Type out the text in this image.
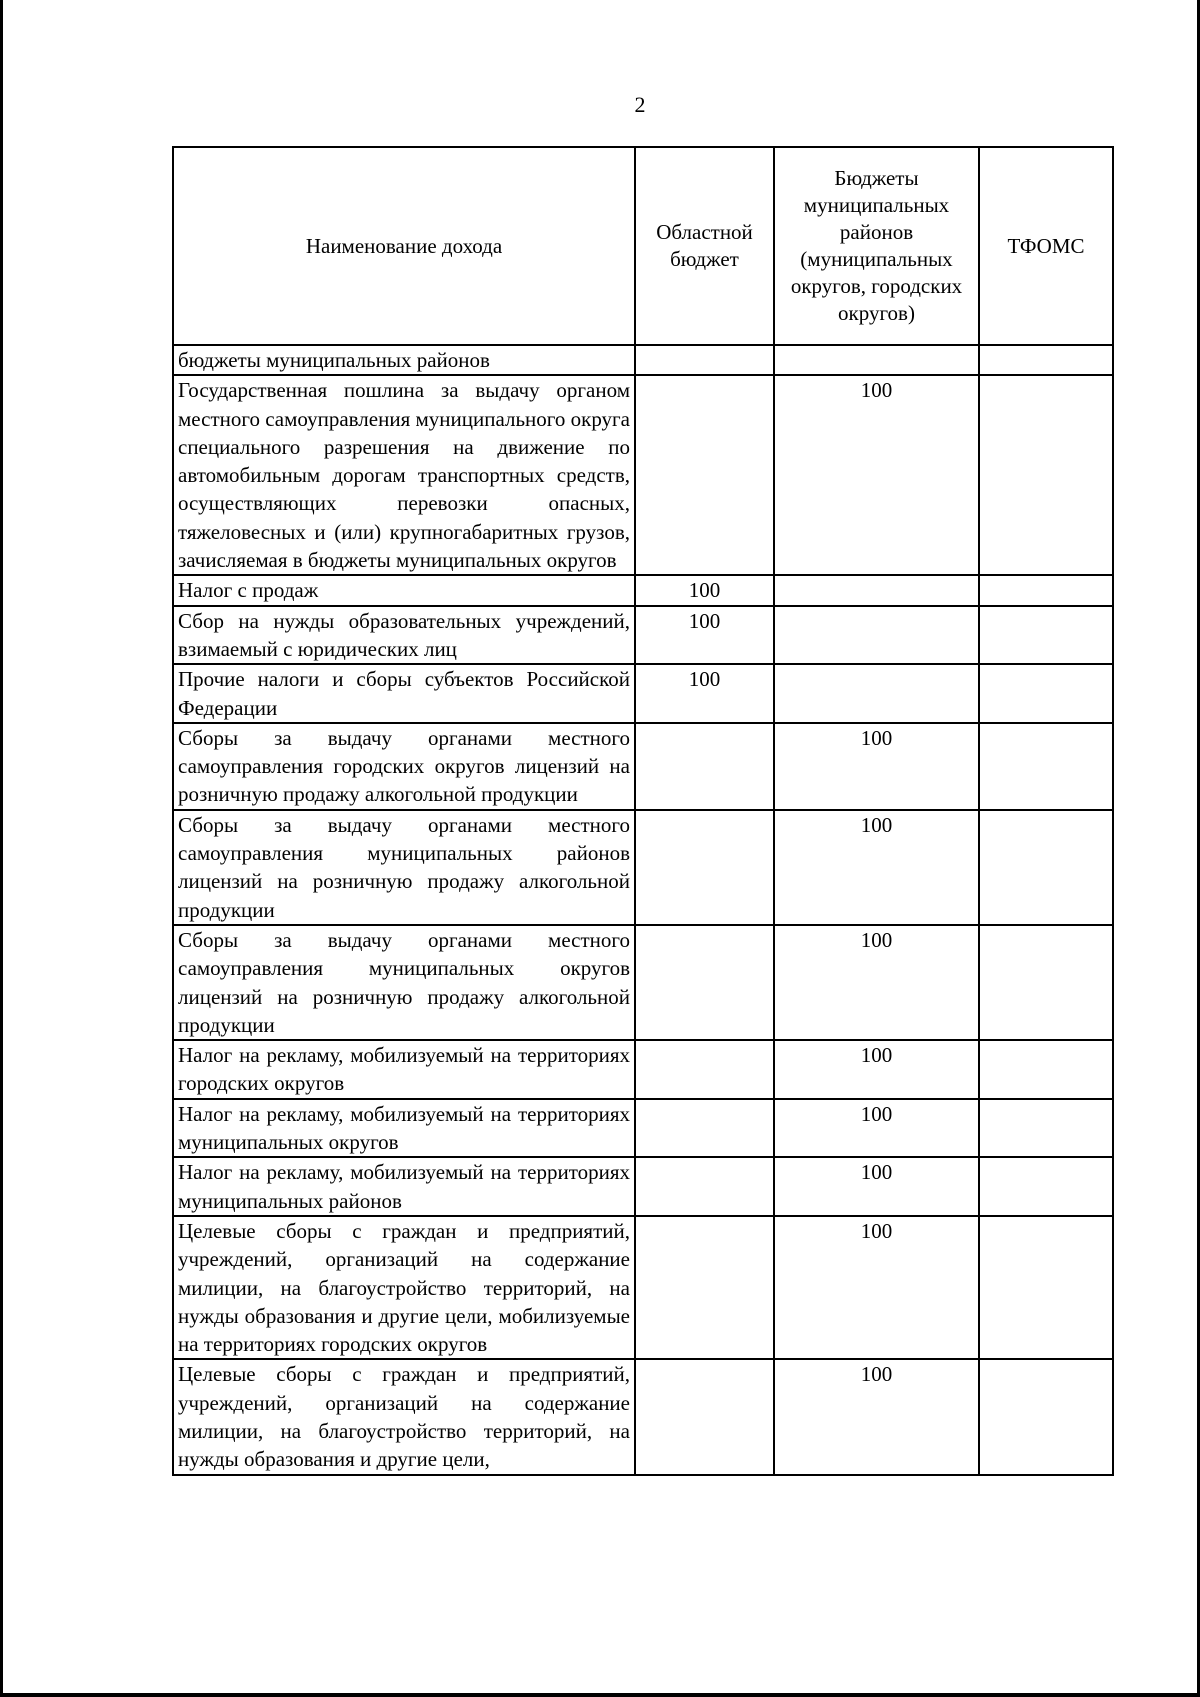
2
Наименование дохода	Областной бюджет	Бюджеты муниципальных районов (муниципальных округов, городских округов)	ТФОМС
бюджеты муниципальных районов			
Государственная пошлина за выдачу органом местного самоуправления муниципального округа специального разрешения на движение по автомобильным дорогам транспортных средств, осуществляющих перевозки опасных, тяжеловесных и (или) крупногабаритных грузов, зачисляемая в бюджеты муниципальных округов		100	
Налог с продаж	100		
Сбор на нужды образовательных учреждений, взимаемый с юридических лиц	100		
Прочие налоги и сборы субъектов Российской Федерации	100		
Сборы за выдачу органами местного самоуправления городских округов лицензий на розничную продажу алкогольной продукции		100	
Сборы за выдачу органами местного самоуправления муниципальных районов лицензий на розничную продажу алкогольной продукции		100	
Сборы за выдачу органами местного самоуправления муниципальных округов лицензий на розничную продажу алкогольной продукции		100	
Налог на рекламу, мобилизуемый на территориях городских округов		100	
Налог на рекламу, мобилизуемый на территориях муниципальных округов		100	
Налог на рекламу, мобилизуемый на территориях муниципальных районов		100	
Целевые сборы с граждан и предприятий, учреждений, организаций на содержание милиции, на благоустройство территорий, на нужды образования и другие цели, мобилизуемые на территориях городских округов		100	
Целевые сборы с граждан и предприятий, учреждений, организаций на содержание милиции, на благоустройство территорий, на нужды образования и другие цели,		100	
